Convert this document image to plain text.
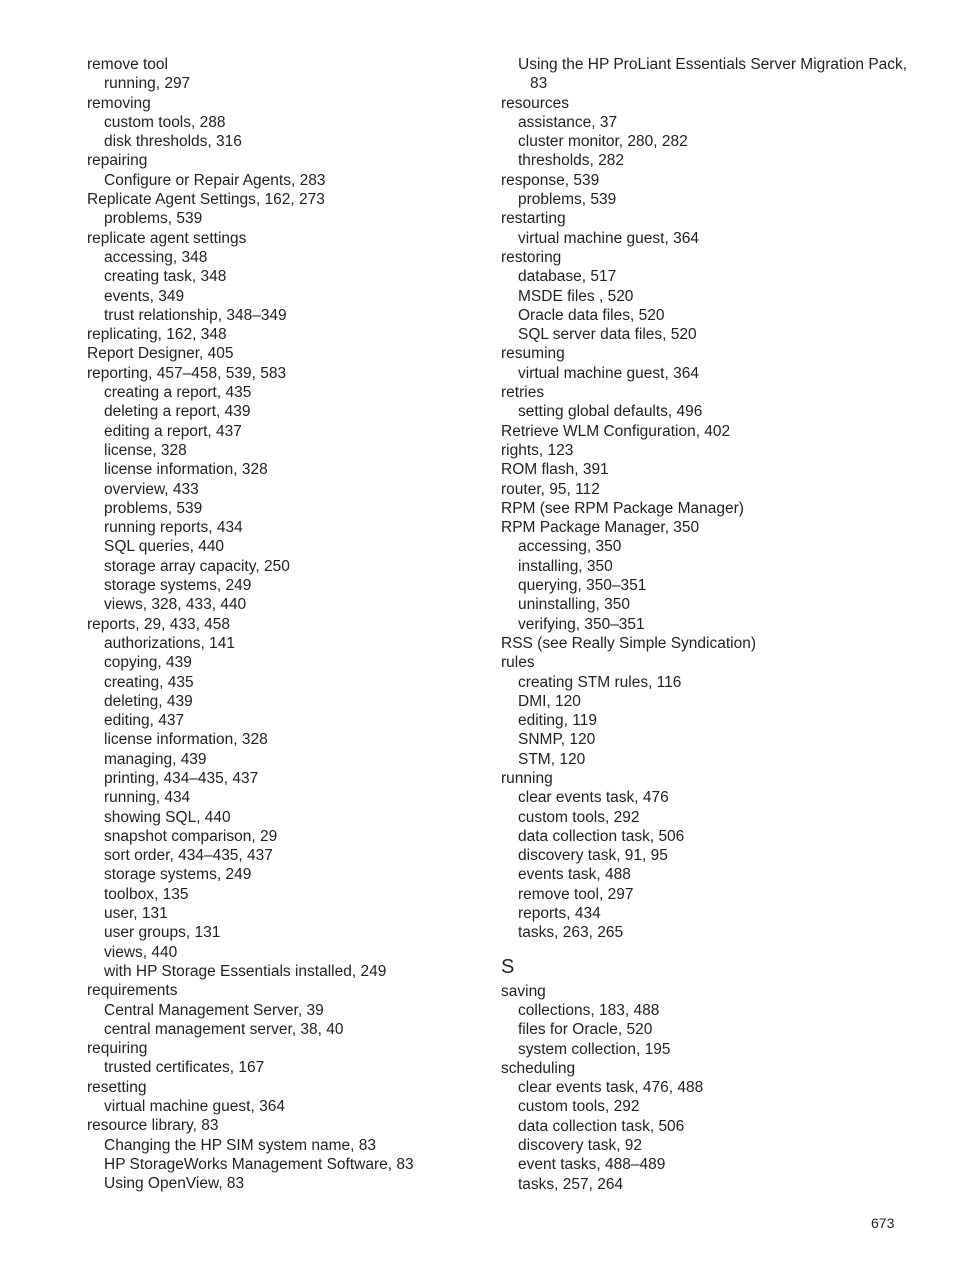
remove tool
running, 297
removing
custom tools, 288
disk thresholds, 316
repairing
Configure or Repair Agents, 283
Replicate Agent Settings, 162, 273
problems, 539
replicate agent settings
accessing, 348
creating task, 348
events, 349
trust relationship, 348–349
replicating, 162, 348
Report Designer, 405
reporting, 457–458, 539, 583
creating a report, 435
deleting a report, 439
editing a report, 437
license, 328
license information, 328
overview, 433
problems, 539
running reports, 434
SQL queries, 440
storage array capacity, 250
storage systems, 249
views, 328, 433, 440
reports, 29, 433, 458
authorizations, 141
copying, 439
creating, 435
deleting, 439
editing, 437
license information, 328
managing, 439
printing, 434–435, 437
running, 434
showing SQL, 440
snapshot comparison, 29
sort order, 434–435, 437
storage systems, 249
toolbox, 135
user, 131
user groups, 131
views, 440
with HP Storage Essentials installed, 249
requirements
Central Management Server, 39
central management server, 38, 40
requiring
trusted certificates, 167
resetting
virtual machine guest, 364
resource library, 83
Changing the HP SIM system name, 83
HP StorageWorks Management Software, 83
Using OpenView, 83
Using the HP ProLiant Essentials Server Migration Pack,
83
resources
assistance, 37
cluster monitor, 280, 282
thresholds, 282
response, 539
problems, 539
restarting
virtual machine guest, 364
restoring
database, 517
MSDE files , 520
Oracle data files, 520
SQL server data files, 520
resuming
virtual machine guest, 364
retries
setting global defaults, 496
Retrieve WLM Configuration, 402
rights, 123
ROM flash, 391
router, 95, 112
RPM (see RPM Package Manager)
RPM Package Manager, 350
accessing, 350
installing, 350
querying, 350–351
uninstalling, 350
verifying, 350–351
RSS (see Really Simple Syndication)
rules
creating STM rules, 116
DMI, 120
editing, 119
SNMP, 120
STM, 120
running
clear events task, 476
custom tools, 292
data collection task, 506
discovery task, 91, 95
events task, 488
remove tool, 297
reports, 434
tasks, 263, 265
S
saving
collections, 183, 488
files for Oracle, 520
system collection, 195
scheduling
clear events task, 476, 488
custom tools, 292
data collection task, 506
discovery task, 92
event tasks, 488–489
tasks, 257, 264
673
